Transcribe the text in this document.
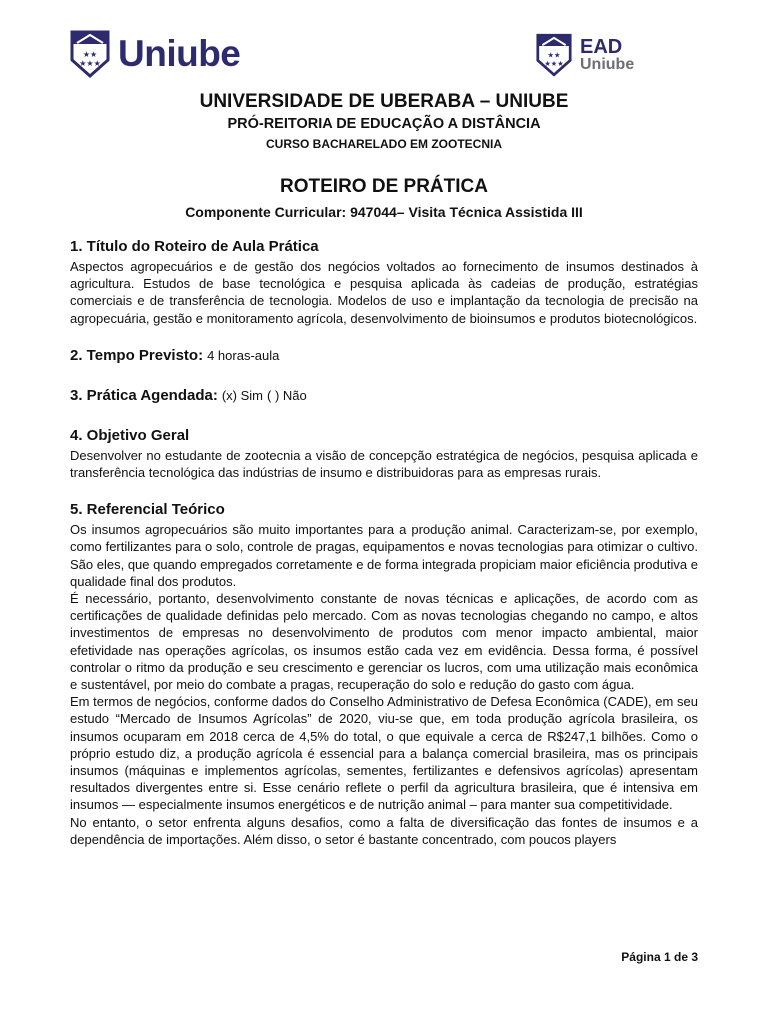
★★
★★★ Uniube	★★
★★★
EAD
Uniube
UNIVERSIDADE DE UBERABA – UNIUBE
PRÓ-REITORIA DE EDUCAÇÃO A DISTÂNCIA
CURSO BACHARELADO EM ZOOTECNIA
ROTEIRO DE PRÁTICA
Componente Curricular: 947044– Visita Técnica Assistida III
1. Título do Roteiro de Aula Prática

Aspectos agropecuários e de gestão dos negócios voltados ao fornecimento de insumos destinados à agricultura. Estudos de base tecnológica e pesquisa aplicada às cadeias de produção, estratégias comerciais e de transferência de tecnologia. Modelos de uso e implantação da tecnologia de precisão na agropecuária, gestão e monitoramento agrícola, desenvolvimento de bioinsumos e produtos biotecnológicos.

2. Tempo Previsto: 4 horas-aula
3. Prática Agendada: (x) Sim ( ) Não
4. Objetivo Geral

Desenvolver no estudante de zootecnia a visão de concepção estratégica de negócios, pesquisa aplicada e transferência tecnológica das indústrias de insumo e distribuidoras para as empresas rurais.

5. Referencial Teórico

Os insumos agropecuários são muito importantes para a produção animal. Caracterizam-se, por exemplo, como fertilizantes para o solo, controle de pragas, equipamentos e novas tecnologias para otimizar o cultivo. São eles, que quando empregados corretamente e de forma integrada propiciam maior eficiência produtiva e qualidade final dos produtos.

É necessário, portanto, desenvolvimento constante de novas técnicas e aplicações, de acordo com as certificações de qualidade definidas pelo mercado. Com as novas tecnologias chegando no campo, e altos investimentos de empresas no desenvolvimento de produtos com menor impacto ambiental, maior efetividade nas operações agrícolas, os insumos estão cada vez em evidência. Dessa forma, é possível controlar o ritmo da produção e seu crescimento e gerenciar os lucros, com uma utilização mais econômica e sustentável, por meio do combate a pragas, recuperação do solo e redução do gasto com água.

Em termos de negócios, conforme dados do Conselho Administrativo de Defesa Econômica (CADE), em seu estudo “Mercado de Insumos Agrícolas” de 2020, viu-se que, em toda produção agrícola brasileira, os insumos ocuparam em 2018 cerca de 4,5% do total, o que equivale a cerca de R$247,1 bilhões. Como o próprio estudo diz, a produção agrícola é essencial para a balança comercial brasileira, mas os principais insumos (máquinas e implementos agrícolas, sementes, fertilizantes e defensivos agrícolas) apresentam resultados divergentes entre si. Esse cenário reflete o perfil da agricultura brasileira, que é intensiva em insumos — especialmente insumos energéticos e de nutrição animal – para manter sua competitividade.

No entanto, o setor enfrenta alguns desafios, como a falta de diversificação das fontes de insumos e a dependência de importações. Além disso, o setor é bastante concentrado, com poucos players

Página 1 de 3
